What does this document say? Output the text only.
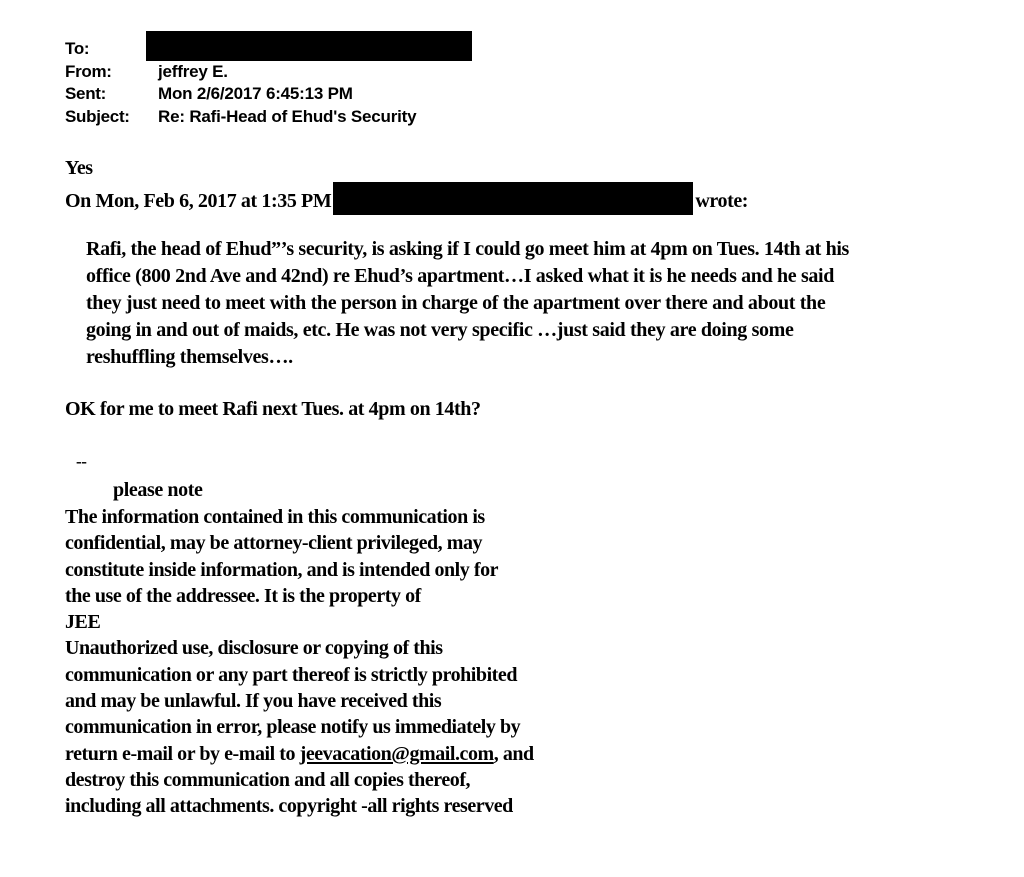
To:
From:	jeffrey E.
Sent:	Mon 2/6/2017 6:45:13 PM
Subject:	Re: Rafi-Head of Ehud's Security
Yes
On Mon, Feb 6, 2017 at 1:35 PM	wrote:
Rafi, the head of Ehud”’s security, is asking if I could go meet him at 4pm on Tues. 14th at his
office (800 2nd Ave and 42nd) re Ehud’s apartment…I asked what it is he needs and he said
they just need to meet with the person in charge of the apartment over there and about the
going in and out of maids, etc. He was not very specific …just said they are doing some
reshuffling themselves….
OK for me to meet Rafi next Tues. at 4pm on 14th?
--
please note
The information contained in this communication is
confidential, may be attorney-client privileged, may
constitute inside information, and is intended only for
the use of the addressee. It is the property of
JEE
Unauthorized use, disclosure or copying of this
communication or any part thereof is strictly prohibited
and may be unlawful. If you have received this
communication in error, please notify us immediately by
return e-mail or by e-mail to jeevacation@gmail.com, and
destroy this communication and all copies thereof,
including all attachments. copyright -all rights reserved
